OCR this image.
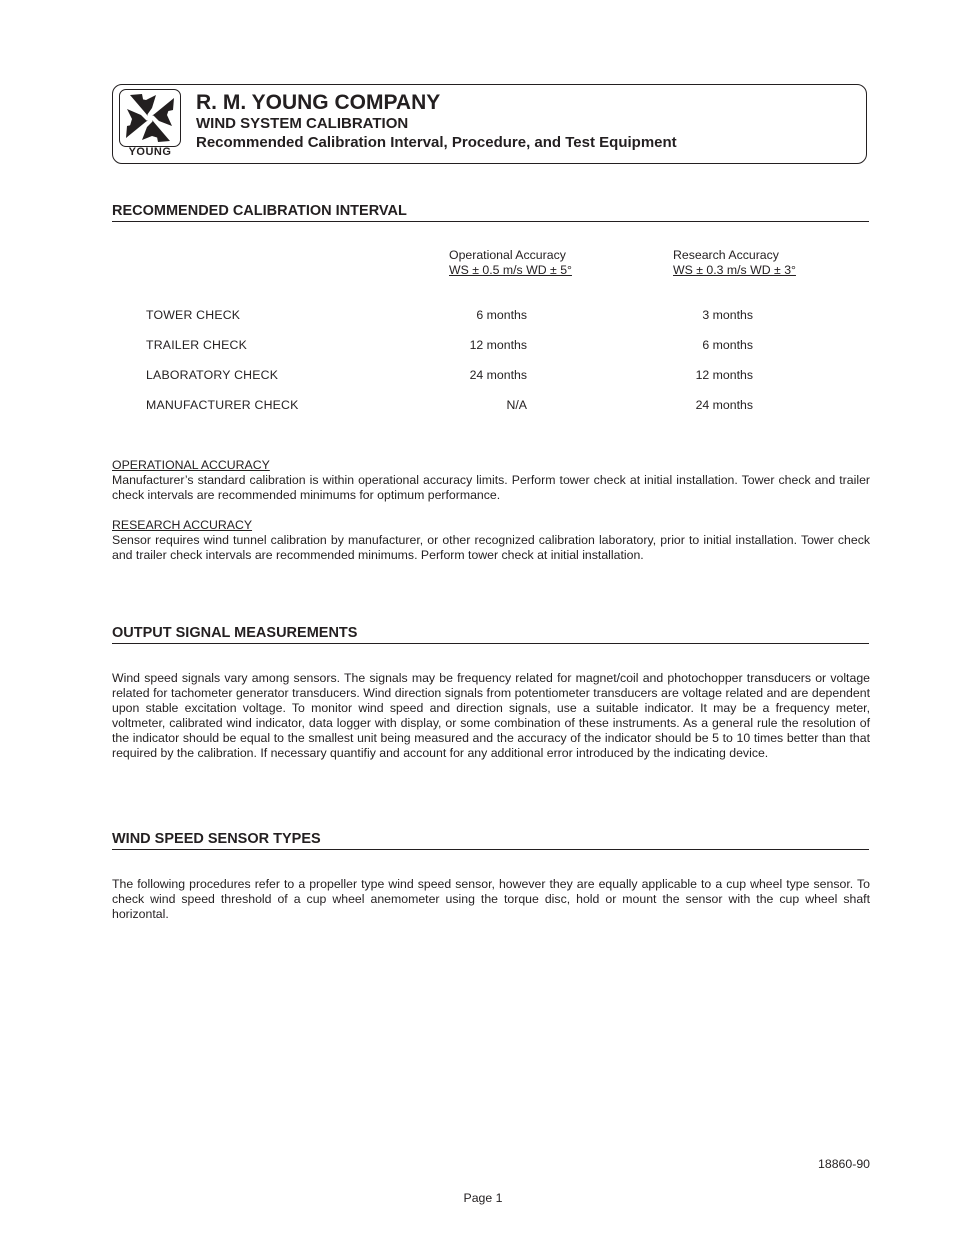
YOUNG
R. M. YOUNG COMPANY
WIND SYSTEM CALIBRATION
Recommended Calibration Interval, Procedure, and Test Equipment
RECOMMENDED CALIBRATION INTERVAL
Operational Accuracy
WS ± 0.5 m/s WD ± 5°
Research Accuracy
WS ± 0.3 m/s WD ± 3°
TOWER CHECK	6 months	3 months
TRAILER CHECK	12 months	6 months
LABORATORY CHECK	24 months	12 months
MANUFACTURER CHECK	N/A	24 months
OPERATIONAL ACCURACY
Manufacturer’s standard calibration is within operational accuracy limits. Perform tower check at initial installation. Tower check and trailer check intervals are recommended minimums for optimum performance.
RESEARCH ACCURACY
Sensor requires wind tunnel calibration by manufacturer, or other recognized calibration laboratory, prior to initial installation. Tower check and trailer check intervals are recommended minimums. Perform tower check at initial installation.
OUTPUT SIGNAL MEASUREMENTS
Wind speed signals vary among sensors. The signals may be frequency related for magnet/coil and photochopper transducers or voltage related for tachometer generator transducers. Wind direction signals from potentiometer transducers are voltage related and are dependent upon stable excitation voltage. To monitor wind speed and direction signals, use a suitable indicator. It may be a frequency meter, voltmeter, calibrated wind indicator, data logger with display, or some combination of these instruments. As a general rule the resolution of the indicator should be equal to the smallest unit being measured and the accuracy of the indicator should be 5 to 10 times better than that required by the calibration. If necessary quantifiy and account for any additional error introduced by the indicating device.
WIND SPEED SENSOR TYPES
The following procedures refer to a propeller type wind speed sensor, however they are equally applicable to a cup wheel type sensor. To check wind speed threshold of a cup wheel anemometer using the torque disc, hold or mount the sensor with the cup wheel shaft horizontal.
18860-90
Page 1
